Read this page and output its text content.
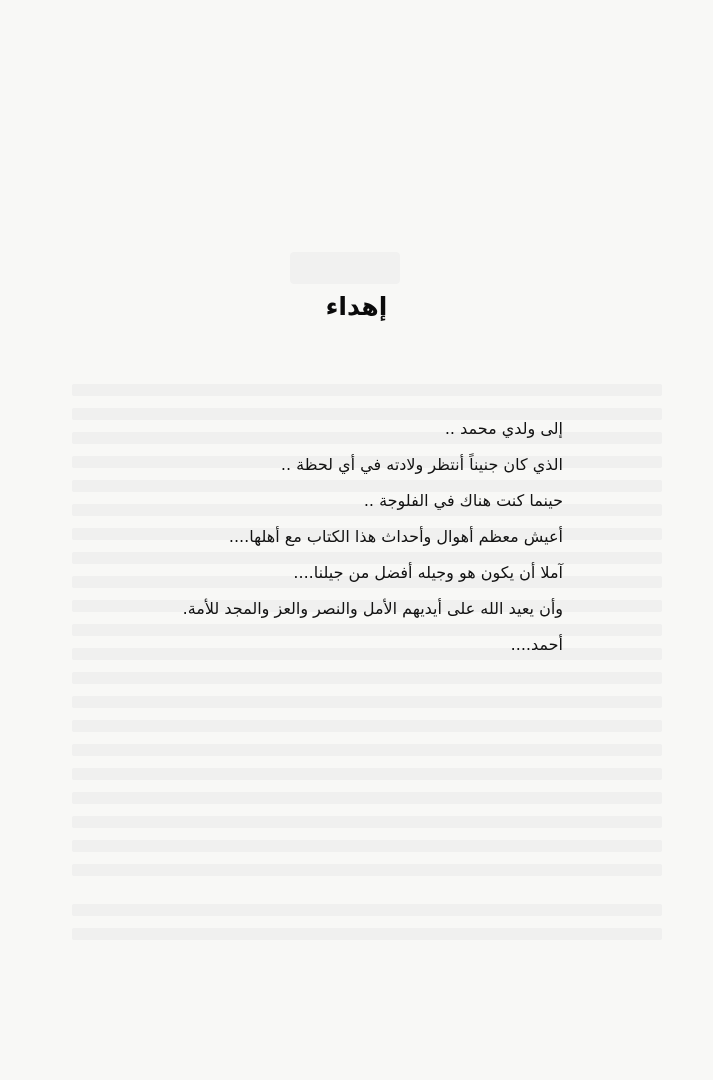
إهداء
إلى ولدي محمد ..
الذي كان جنيناً أنتظر ولادته في أي لحظة ..
حينما كنت هناك في الفلوجة ..
أعيش معظم أهوال وأحداث هذا الكتاب مع أهلها....
آملا أن يكون هو وجيله أفضل من جيلنا....
وأن يعيد الله على أيديهم الأمل والنصر والعز والمجد للأمة.
أحمد....
